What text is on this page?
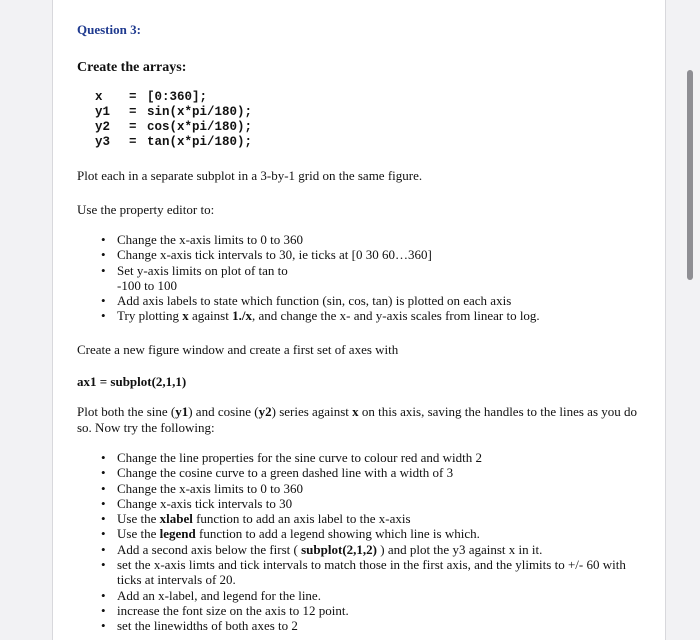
Question 3:
Create the arrays:
x	= [0:360];
y1	= sin(x*pi/180);
y2	= cos(x*pi/180);
y3	= tan(x*pi/180);
Plot each in a separate subplot in a 3-by-1 grid on the same figure.
Use the property editor to:
• Change the x-axis limits to 0 to 360
• Change x-axis tick intervals to 30, ie ticks at [0 30 60…360]
• Set y-axis limits on plot of tan to
-100 to 100
• Add axis labels to state which function (sin, cos, tan) is plotted on each axis
• Try plotting x against 1./x, and change the x- and y-axis scales from linear to log.
Create a new figure window and create a first set of axes with
ax1 = subplot(2,1,1)
Plot both the sine (y1) and cosine (y2) series against x on this axis, saving the handles to the lines as you do so. Now try the following:
• Change the line properties for the sine curve to colour red and width 2
• Change the cosine curve to a green dashed line with a width of 3
• Change the x-axis limits to 0 to 360
• Change x-axis tick intervals to 30
• Use the xlabel function to add an axis label to the x-axis
• Use the legend function to add a legend showing which line is which.
• Add a second axis below the first ( subplot(2,1,2) ) and plot the y3 against x in it.
• set the x-axis limts and tick intervals to match those in the first axis, and the ylimits to +/- 60 with ticks at intervals of 20.
• Add an x-label, and legend for the line.
• increase the font size on the axis to 12 point.
• set the linewidths of both axes to 2
